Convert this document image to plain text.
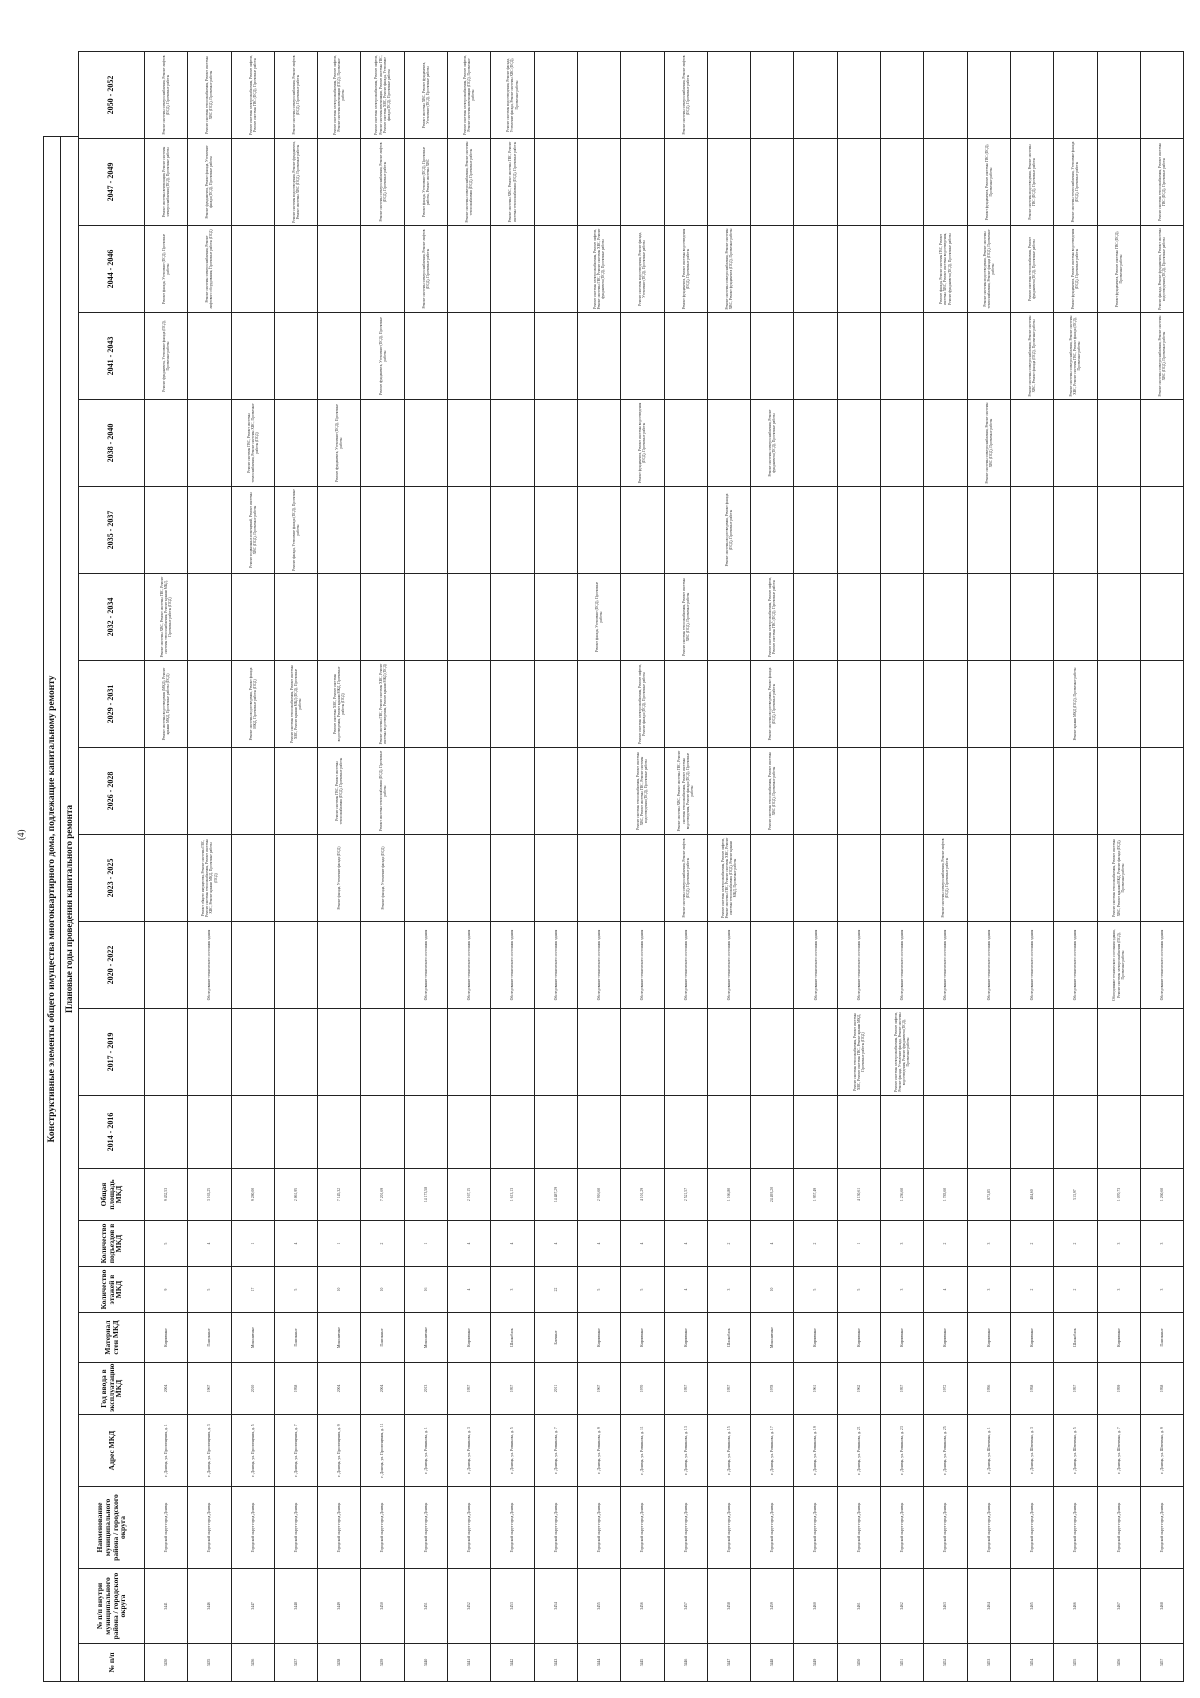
(4)	Конструктивные элементы общего имущества многоквартирного дома, подлежащие капитальному ремонту Плановые годы проведения капитального ремонта
№ п/п	№ п/п внутри муниципального района / городского округа	Наименование муниципального района / городского округа	Адрес МКД	Год ввода в эксплуатацию МКД	Материал стен МКД	Количество этажей в МКД	Количество подъездов в МКД	Общая площадь МКД	2014 - 2016	2017 - 2019	2020 - 2022	2023 - 2025	2026 - 2028	2029 - 2031	2032 - 2034	2035 - 2037	2038 - 2040	2041 - 2043	2044 - 2046	2047 - 2049	2050 - 2052
3430	3441	Городской округ город Донецк	г. Донецк, ул. Просвещения, д. 1	2004	Кирпичные	9	5	9 432,53						Ремонт системы водоотведения (МКД), Ремонт крыши МКД, Проектные работы (ПСД)	Ремонт системы ХВС, Ремонт системы ГВС, Ремонт системы теплоснабжения, Ремонт крыши МКД, Проектные работы (ПСД)			Ремонт фундамента, Утепление фасада (ПСД), Проектные работы	Ремонт фасада, Утепление (ПСД), Проектные работы	Ремонт системы вентиляции, Ремонт системы электроснабжения (ПСД), Проектные работы	Ремонт системы электроснабжения, Ремонт лифтов (ПСД), Проектные работы
3435	3446	Городской округ город Донецк	г. Донецк, ул. Просвещения, д. 3	1967	Панельные	5	4	3 163,25			Обследование технического состояния здания	Ремонт общего имущества, Ремонт системы ГВС, Ремонт системы теплоснабжения, Ремонт системы ХВС, Ремонт крыши МКД, Проектные работы (ПСД)							Ремонт системы электроснабжения, Ремонт лифтового оборудования, Проектные работы (ПСД)	Ремонт фундамента, Ремонт фасада, Утепление фасада (ПСД), Проектные работы	Ремонт системы теплоснабжения, Ремонт системы ХВС (ПСД), Проектные работы
3436	3447	Городской округ город Донецк	г. Донецк, ул. Просвещения, д. 5	2010	Монолитные	17	1	9 280,00						Ремонт системы водоотведения, Ремонт фасада МКД, Проектные работы (ПСД)		Ремонт подвальных помещений, Ремонт системы ХВС (ПСД), Проектные работы	Ремонт системы ГВС, Ремонт системы теплоснабжения, Ремонт системы ХВС, Проектные работы (ПСД)				Ремонт системы электроснабжения, Ремонт лифтов, Ремонт системы ГВС (ПСД), Проектные работы
3437	3448	Городской округ город Донецк	г. Донецк, ул. Просвещения, д. 7	1958	Панельные	5	4	2 861,95						Ремонт системы теплоснабжения, Ремонт системы ХВС, Ремонт крыши МКД (ПСД), Проектные работы		Ремонт фасада, Утепление фасада (ПСД), Проектные работы				Ремонт системы водоотведения, Ремонт фундамента, Ремонт системы ХВС (ПСД), Проектные работы	Ремонт системы электроснабжения, Ремонт лифтов (ПСД), Проектные работы
3438	3449	Городской округ город Донецк	г. Донецк, ул. Просвещения, д. 9	2004	Монолитные	10	1	7 145,32				Ремонт фасада, Утепление фасада (ПСД)	Ремонт системы ГВС, Ремонт системы теплоснабжения (ПСД), Проектные работы	Ремонт системы ХВС, Ремонт системы водоотведения, Ремонт крыши МКД, Проектные работы (ПСД)			Ремонт фундамента, Утепление (ПСД), Проектные работы				Ремонт системы электроснабжения, Ремонт лифтов, Ремонт системы вентиляции (ПСД), Проектные работы
3439	3450	Городской округ город Донецк	г. Донецк, ул. Просвещения, д. 11	2004	Панельные	10	2	7 201,69				Ремонт фасада, Утепление фасада (ПСД)	Ремонт системы теплоснабжения (ПСД), Проектные работы	Ремонт системы ГВС, Ремонт системы ХВС, Ремонт системы водоотведения, Ремонт крыши МКД (ПСД)				Ремонт фундамента, Утепление (ПСД), Проектные работы		Ремонт системы электроснабжения, Ремонт лифтов (ПСД), Проектные работы	Ремонт системы электроснабжения, Ремонт лифтов, Ремонт системы вентиляции, Ремонт системы ГВС, Ремонт системы ХВС, Ремонт фасада, Утепление фасада (ПСД), Проектные работы
3440	3451	Городской округ город Донецк	г. Донецк, ул. Ратникова, д. 1	2013	Монолитные	16	1	14 173,58			Обследование технического состояния здания								Ремонт системы электроснабжения, Ремонт лифтов (ПСД), Проектные работы	Ремонт фасада, Утепление (ПСД), Проектные работы, Ремонт системы ХВС	Ремонт системы ХВС, Ремонт фундамента, Утепление (ПСД), Проектные работы
3441	3452	Городской округ город Донецк	г. Донецк, ул. Ратникова, д. 3	1957	Кирпичные	4	4	2 167,15			Обследование технического состояния здания									Ремонт системы электроснабжения, Ремонт системы теплоснабжения (ПСД), Проектные работы	Ремонт системы электроснабжения, Ремонт лифтов, Ремонт системы вентиляции (ПСД), Проектные работы
3442	3453	Городской округ город Донецк	г. Донецк, ул. Ратникова, д. 5	1957	Шлакоблок	3	4	1 613,13			Обследование технического состояния здания									Ремонт системы ХВС, Ремонт системы ГВС, Ремонт системы теплоснабжения (ПСД), Проектные работы	Ремонт системы водоотведения, Ремонт фасада, Утепление фасада, Ремонт системы ХВС (ПСД), Проектные работы
3443	3454	Городской округ город Донецк	г. Донецк, ул. Ратникова, д. 7	2011	Блочные	22	4	14 487,29			Обследование технического состояния здания										
3444	3455	Городской округ город Донецк	г. Донецк, ул. Ратникова, д. 9	1967	Кирпичные	5	4	2 916,60			Обследование технического состояния здания				Ремонт фасада, Утепление (ПСД), Проектные работы				Ремонт системы электроснабжения, Ремонт лифтов, Ремонт системы ГВС, Ремонт системы ХВС, Ремонт фундамента (ПСД), Проектные работы		
3445	3456	Городской округ город Донецк	г. Донецк, ул. Ратникова, д. 11	1970	Кирпичные	5	4	4 101,29			Обследование технического состояния здания		Ремонт системы теплоснабжения, Ремонт системы ХВС, Ремонт системы ГВС, Ремонт системы водоотведения (ПСД), Проектные работы	Ремонт системы электроснабжения, Ремонт лифтов, Ремонт фасада (ПСД), Проектные работы			Ремонт фундамента, Ремонт системы водоотведения (ПСД), Проектные работы		Ремонт системы водоотведения, Ремонт фасада, Утепление (ПСД), Проектные работы		
3446	3457	Городской округ город Донецк	г. Донецк, ул. Ратникова, д. 13	1957	Кирпичные	4	4	2 521,57			Обследование технического состояния здания	Ремонт системы электроснабжения, Ремонт лифтов (ПСД), Проектные работы	Ремонт системы ХВС, Ремонт системы ГВС, Ремонт системы теплоснабжения, Ремонт системы водоотведения, Ремонт фасада (ПСД), Проектные работы		Ремонт системы теплоснабжения, Ремонт системы ХВС (ПСД), Проектные работы				Ремонт фундамента, Ремонт системы водоотведения (ПСД), Проектные работы		Ремонт системы электроснабжения, Ремонт лифтов (ПСД), Проектные работы
3447	3458	Городской округ город Донецк	г. Донецк, ул. Ратникова, д. 15	1957	Шлакоблок	3	2	1 166,80			Обследование технического состояния здания	Ремонт системы электроснабжения, Ремонт лифтов, Ремонт системы ГВС, Ремонт системы ХВС, Ремонт системы теплоснабжения (ПСД), Ремонт крыши МКД, Проектные работы				Ремонт системы водоотведения, Ремонт фасада (ПСД), Проектные работы			Ремонт системы электроснабжения, Ремонт системы ХВС, Ремонт фундамента (ПСД), Проектные работы		
3448	3459	Городской округ город Донецк	г. Донецк, ул. Ратникова, д. 17	1978	Монолитные	10	4	24 493,20					Ремонт системы теплоснабжения, Ремонт системы ХВС (ПСД), Проектные работы	Ремонт системы водоотведения, Ремонт фасада (ПСД), Проектные работы	Ремонт системы электроснабжения, Ремонт лифтов, Ремонт системы ГВС (ПСД), Проектные работы		Ремонт системы электроснабжения, Ремонт фундамента (ПСД), Проектные работы				
3449	3460	Городской округ город Донецк	г. Донецк, ул. Ратникова, д. 19	1961	Кирпичные	5	2	1 957,49			Обследование технического состояния здания										
3450	3461	Городской округ город Донецк	г. Донецк, ул. Ратникова, д. 21	1962	Кирпичные	5	1	4 130,61		Ремонт системы теплоснабжения, Ремонт системы ХВС, Ремонт системы ГВС, Ремонт крыши МКД, Проектные работы (ПСД)	Обследование технического состояния здания										
3451	3462	Городской округ город Донецк	г. Донецк, ул. Ратникова, д. 23	1957	Кирпичные	3	3	1 236,60		Ремонт системы электроснабжения, Ремонт лифтов, Ремонт фасада, Утепление фасада, Ремонт системы водоотведения, Ремонт фундамента (ПСД), Проектные работы	Обследование технического состояния здания										
3452	3463	Городской округ город Донецк	г. Донецк, ул. Ратникова, д. 25	1972	Кирпичные	4	2	1 783,60			Обследование технического состояния здания	Ремонт системы электроснабжения, Ремонт лифтов (ПСД), Проектные работы							Ремонт фасада, Ремонт системы ГВС, Ремонт системы ХВС, Ремонт системы водоотведения, Ремонт фундамента (ПСД), Проектные работы		
3453	3464	Городской округ город Донецк	г. Донецк, ул. Шевченко, д. 1	1956	Кирпичные	3	3	873,83			Обследование технического состояния здания						Ремонт системы электроснабжения, Ремонт системы ХВС (ПСД), Проектные работы		Ремонт системы водоотведения, Ремонт системы теплоснабжения, Ремонт фасада (ПСД), Проектные работы	Ремонт фундамента, Ремонт системы ГВС (ПСД), Проектные работы	
3454	3465	Городской округ город Донецк	г. Донецк, ул. Шевченко, д. 3	1958	Кирпичные	2	2	484,60			Обследование технического состояния здания							Ремонт системы электроснабжения, Ремонт системы ХВС, Ремонт фасада (ПСД), Проектные работы	Ремонт системы теплоснабжения, Ремонт фундамента (ПСД), Проектные работы	Ремонт системы водоотведения, Ремонт системы ГВС (ПСД), Проектные работы	
3455	3466	Городской округ город Донецк	г. Донецк, ул. Шевченко, д. 5	1957	Шлакоблок	2	2	513,97			Обследование технического состояния здания			Ремонт крыши МКД (ПСД), Проектные работы				Ремонт системы электроснабжения, Ремонт системы ХВС, Ремонт системы ГВС, Ремонт фасада (ПСД), Проектные работы	Ремонт фундамента, Ремонт системы водоотведения (ПСД), Проектные работы	Ремонт системы теплоснабжения, Утепление фасада (ПСД), Проектные работы	
3456	3467	Городской округ город Донецк	г. Донецк, ул. Шевченко, д. 7	1959	Кирпичные	3	3	1 070,73			Обследование технического состояния здания, Ремонт системы электроснабжения (ПСД), Проектные работы	Ремонт системы теплоснабжения, Ремонт системы ХВС, Ремонт крыши МКД, Ремонт фасада (ПСД), Проектные работы							Ремонт фундамента, Ремонт системы ГВС (ПСД), Проектные работы		
3457	3468	Городской округ город Донецк	г. Донецк, ул. Шевченко, д. 9	1958	Панельные	3	3	1 260,60			Обследование технического состояния здания							Ремонт системы электроснабжения, Ремонт системы ХВС (ПСД), Проектные работы	Ремонт фасада, Ремонт фундамента, Ремонт системы водоотведения (ПСД), Проектные работы	Ремонт системы теплоснабжения, Ремонт системы ГВС (ПСД), Проектные работы	
